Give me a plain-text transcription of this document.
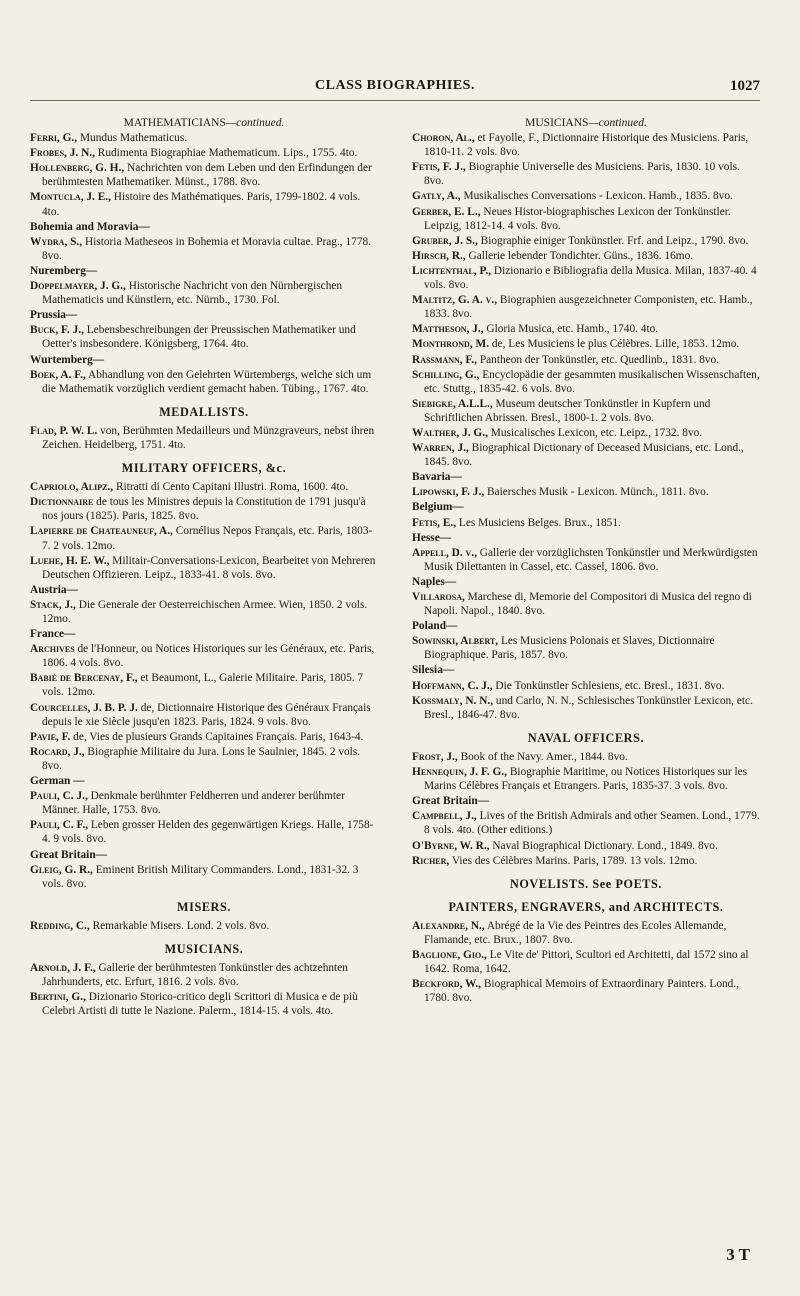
CLASS BIOGRAPHIES.	1027
MATHEMATICIANS—continued.
Ferri, G., Mundus Mathematicus.
Frobes, J. N., Rudimenta Biographiae Mathematicum. Lips., 1755. 4to.
Hollenberg, G. H., Nachrichten von dem Leben und den Erfindungen der berühmtesten Mathematiker. Münst., 1788. 8vo.
Montucla, J. E., Histoire des Mathématiques. Paris, 1799-1802. 4 vols. 4to.
Bohemia and Moravia—
Wydra, S., Historia Matheseos in Bohemia et Moravia cultae. Prag., 1778. 8vo.
Nuremberg—
Doppelmayer, J. G., Historische Nachricht von den Nürnbergischen Mathematicis und Künstlern, etc. Nürnb., 1730. Fol.
Prussia—
Buck, F. J., Lebensbeschreibungen der Preussischen Mathematiker und Oetter's insbesondere. Königsberg, 1764. 4to.
Wurtemberg—
Boek, A. F., Abhandlung von den Gelehrten Würtembergs, welche sich um die Mathematik vorzüglich verdient gemacht haben. Tübing., 1767. 4to.
MEDALLISTS.
Flad, P. W. L. von, Berühmten Medailleurs und Münzgraveurs, nebst ihren Zeichen. Heidelberg, 1751. 4to.
MILITARY OFFICERS, &c.
Capriolo, Alipz., Ritratti di Cento Capitani Illustri. Roma, 1600. 4to.
Dictionnaire de tous les Ministres depuis la Constitution de 1791 jusqu'à nos jours (1825). Paris, 1825. 8vo.
Lapierre de Chateauneuf, A., Cornélius Nepos Français, etc. Paris, 1803-7. 2 vols. 12mo.
Luehe, H. E. W., Militair-Conversations-Lexicon, Bearbeitet von Mehreren Deutschen Offizieren. Leipz., 1833-41. 8 vols. 8vo.
Austria—
Stack, J., Die Generale der Oesterreichischen Armee. Wien, 1850. 2 vols. 12mo.
France—
Archives de l'Honneur, ou Notices Historiques sur les Généraux, etc. Paris, 1806. 4 vols. 8vo.
Babié de Bercenay, F., et Beaumont, L., Galerie Militaire. Paris, 1805. 7 vols. 12mo.
Courcelles, J. B. P. J. de, Dictionnaire Historique des Généraux Français depuis le xie Siècle jusqu'en 1823. Paris, 1824. 9 vols. 8vo.
Pavie, F. de, Vies de plusieurs Grands Capitaines Français. Paris, 1643-4.
Rocard, J., Biographie Militaire du Jura. Lons le Saulnier, 1845. 2 vols. 8vo.
German —
Pauli, C. J., Denkmale berühmter Feldherren und anderer berühmter Männer. Halle, 1753. 8vo.
Pauli, C. F., Leben grosser Helden des gegenwärtigen Kriegs. Halle, 1758-4. 9 vols. 8vo.
Great Britain—
Gleig, G. R., Eminent British Military Commanders. Lond., 1831-32. 3 vols. 8vo.
MISERS.
Redding, C., Remarkable Misers. Lond. 2 vols. 8vo.
MUSICIANS.
Arnold, J. F., Gallerie der berühmtesten Tonkünstler des achtzehnten Jahrhunderts, etc. Erfurt, 1816. 2 vols. 8vo.
Bertini, G., Dizionario Storico-critico degli Scrittori di Musica e de più Celebri Artisti di tutte le Nazione. Palerm., 1814-15. 4 vols. 4to.
MUSICIANS—continued.
Choron, Al., et Fayolle, F., Dictionnaire Historique des Musiciens. Paris, 1810-11. 2 vols. 8vo.
Fetis, F. J., Biographie Universelle des Musiciens. Paris, 1830. 10 vols. 8vo.
Gatly, A., Musikalisches Conversations - Lexicon. Hamb., 1835. 8vo.
Gerber, E. L., Neues Histor-biographisches Lexicon der Tonkünstler. Leipzig, 1812-14. 4 vols. 8vo.
Gruber, J. S., Biographie einiger Tonkünstler. Frf. and Leipz., 1790. 8vo.
Hirsch, R., Gallerie lebender Tondichter. Güns., 1836. 16mo.
Lichtenthal, P., Dizionario e Bibliografia della Musica. Milan, 1837-40. 4 vols. 8vo.
Maltitz, G. A. v., Biographien ausgezeichneter Componisten, etc. Hamb., 1833. 8vo.
Mattheson, J., Gloria Musica, etc. Hamb., 1740. 4to.
Monthrond, M. de, Les Musiciens le plus Célèbres. Lille, 1853. 12mo.
Rassmann, F., Pantheon der Tonkünstler, etc. Quedlinb., 1831. 8vo.
Schilling, G., Encyclopädie der gesammten musikalischen Wissenschaften, etc. Stuttg., 1835-42. 6 vols. 8vo.
Siebigke, A.L.L., Museum deutscher Tonkünstler in Kupfern und Schriftlichen Abrissen. Bresl., 1800-1. 2 vols. 8vo.
Walther, J. G., Musicalisches Lexicon, etc. Leipz., 1732. 8vo.
Warren, J., Biographical Dictionary of Deceased Musicians, etc. Lond., 1845. 8vo.
Bavaria—
Lipowski, F. J., Baiersches Musik - Lexicon. Münch., 1811. 8vo.
Belgium—
Fetis, E., Les Musiciens Belges. Brux., 1851.
Hesse—
Appell, D. v., Gallerie der vorzüglichsten Tonkünstler und Merkwürdigsten Musik Dilettanten in Cassel, etc. Cassel, 1806. 8vo.
Naples—
Villarosa, Marchese di, Memorie del Compositori di Musica del regno di Napoli. Napol., 1840. 8vo.
Poland—
Sowinski, Albert, Les Musiciens Polonais et Slaves, Dictionnaire Biographique. Paris, 1857. 8vo.
Silesia—
Hoffmann, C. J., Die Tonkünstler Schlesiens, etc. Bresl., 1831. 8vo.
Kossmaly, N. N., und Carlo, N. N., Schlesisches Tonkünstler Lexicon, etc. Bresl., 1846-47. 8vo.
NAVAL OFFICERS.
Frost, J., Book of the Navy. Amer., 1844. 8vo.
Hennequin, J. F. G., Biographie Maritime, ou Notices Historiques sur les Marins Célèbres Français et Etrangers. Paris, 1835-37. 3 vols. 8vo.
Great Britain—
Campbell, J., Lives of the British Admirals and other Seamen. Lond., 1779. 8 vols. 4to. (Other editions.)
O'Byrne, W. R., Naval Biographical Dictionary. Lond., 1849. 8vo.
Richer, Vies des Célèbres Marins. Paris, 1789. 13 vols. 12mo.
NOVELISTS. See POETS.
PAINTERS, ENGRAVERS, and ARCHITECTS.
Alexandre, N., Abrégé de la Vie des Peintres des Ecoles Allemande, Flamande, etc. Brux., 1807. 8vo.
Baglione, Gio., Le Vite de' Pittori, Scultori ed Architetti, dal 1572 sino al 1642. Roma, 1642.
Beckford, W., Biographical Memoirs of Extraordinary Painters. Lond., 1780. 8vo.
3 T
